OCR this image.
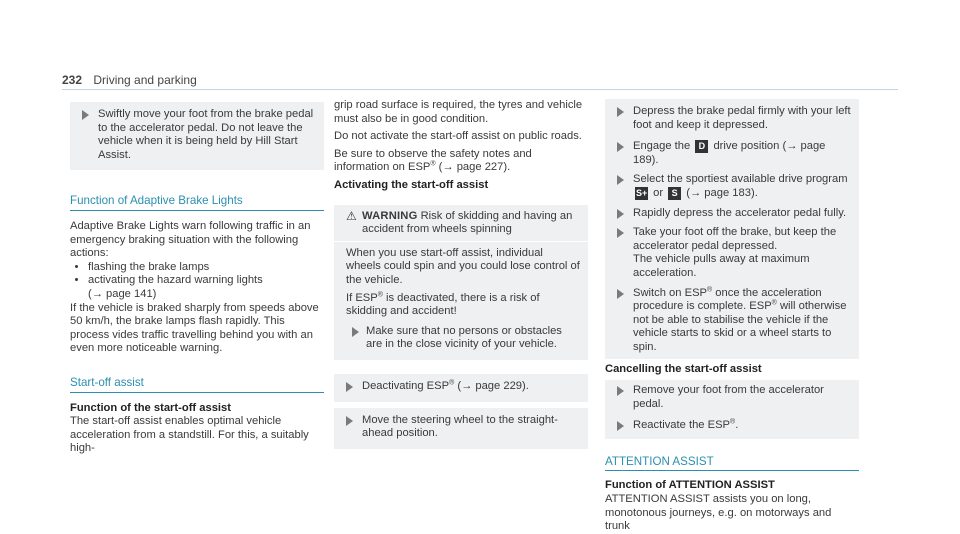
232 Driving and parking

Swiftly move your foot from the brake pedal to the accelerator pedal. Do not leave the vehicle when it is being held by Hill Start Assist.

Function of Adaptive Brake Lights

Adaptive Brake Lights warn following traffic in an emergency braking situation with the following actions:

• flashing the brake lamps
• activating the hazard warning lights
(→ page 141)

If the vehicle is braked sharply from speeds above 50 km/h, the brake lamps flash rapidly. This process vides traffic travelling behind you with an even more noticeable warning.

Start-off assist

Function of the start-off assist

The start-off assist enables optimal vehicle acceleration from a standstill. For this, a suitably high-

grip road surface is required, the tyres and vehicle must also be in good condition.

Do not activate the start-off assist on public roads.

Be sure to observe the safety notes and information on ESP® (→ page 227).

Activating the start-off assist

⚠ WARNING Risk of skidding and having an accident from wheels spinning

When you use start-off assist, individual wheels could spin and you could lose control of the vehicle.

If ESP® is deactivated, there is a risk of skidding and accident!

Make sure that no persons or obstacles are in the close vicinity of your vehicle.

Deactivating ESP® (→ page 229).

Move the steering wheel to the straight-ahead position.

Depress the brake pedal firmly with your left foot and keep it depressed.

Engage the D drive position (→ page 189).

Select the sportiest available drive program S+ or S (→ page 183).

Rapidly depress the accelerator pedal fully.

Take your foot off the brake, but keep the accelerator pedal depressed.

The vehicle pulls away at maximum acceleration.

Switch on ESP® once the acceleration procedure is complete. ESP® will otherwise not be able to stabilise the vehicle if the vehicle starts to skid or a wheel starts to spin.

Cancelling the start-off assist

Remove your foot from the accelerator pedal.

Reactivate the ESP®.

ATTENTION ASSIST

Function of ATTENTION ASSIST

ATTENTION ASSIST assists you on long, monotonous journeys, e.g. on motorways and trunk
